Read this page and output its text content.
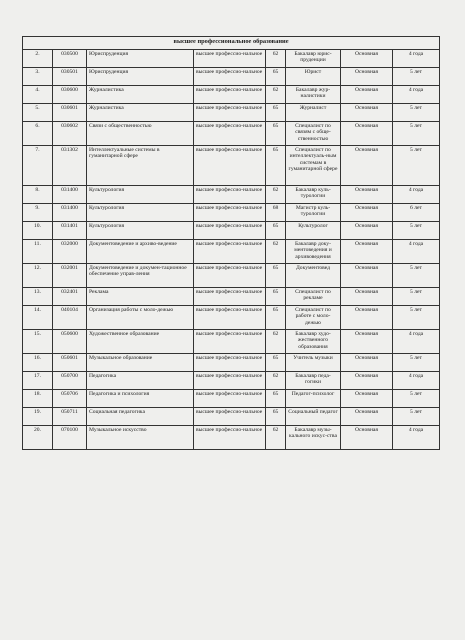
высшее профессиональное образование							
2.	030500	Юриспруденция	высшее профессио-нальное	62	Бакалавр юрис-пруденции	Основная	4 года
3.	030501	Юриспруденция	высшее профессио-нальное	65	Юрист	Основная	5 лет
4.	030600	Журналистика	высшее профессио-нальное	62	Бакалавр жур-налистики	Основная	4 года
5.	030601	Журналистика	высшее профессио-нальное	65	Журналист	Основная	5 лет
6.	030602	Связи с общественностью	высшее профессио-нальное	65	Специалист по связям с обще-ственностью	Основная	5 лет
7.	031302	Интеллектуальные системы в гуманитарной сфере	высшее профессио-нальное	65	Специалист по интеллектуаль-ным системам в гуманитарной сфере	Основная	5 лет
8.	031400	Культурология	высшее профессио-нальное	62	Бакалавр куль-турологии	Основная	4 года
9.	031400	Культурология	высшее профессио-нальное	68	Магистр куль-турологии	Основная	6 лет
10.	031401	Культурология	высшее профессио-нальное	65	Культуролог	Основная	5 лет
11.	032000	Документоведение и архиво-ведение	высшее профессио-нальное	62	Бакалавр доку-ментоведения и архивоведения	Основная	4 года
12.	032001	Документоведение и докумен-тационное обеспечение управ-ления	высшее профессио-нальное	65	Документовед	Основная	5 лет
13.	032401	Реклама	высшее профессио-нальное	65	Специалист по рекламе	Основная	5 лет
14.	040104	Организация работы с моло-дежью	высшее профессио-нальное	65	Специалист по работе с моло-дежью	Основная	5 лет
15.	050600	Художественное образование	высшее профессио-нальное	62	Бакалавр худо-жественного образования	Основная	4 года
16.	050601	Музыкальное образование	высшее профессио-нальное	65	Учитель музыки	Основная	5 лет
17.	050700	Педагогика	высшее профессио-нальное	62	Бакалавр педа-гогики	Основная	4 года
18.	050706	Педагогика и психология	высшее профессио-нальное	65	Педагог-психолог	Основная	5 лет
19.	050711	Социальная педагогика	высшее профессио-нальное	65	Социальный педагог	Основная	5 лет
20.	070100	Музыкальное искусство	высшее профессио-нальное	62	Бакалавр музы-кального искус-ства	Основная	4 года
